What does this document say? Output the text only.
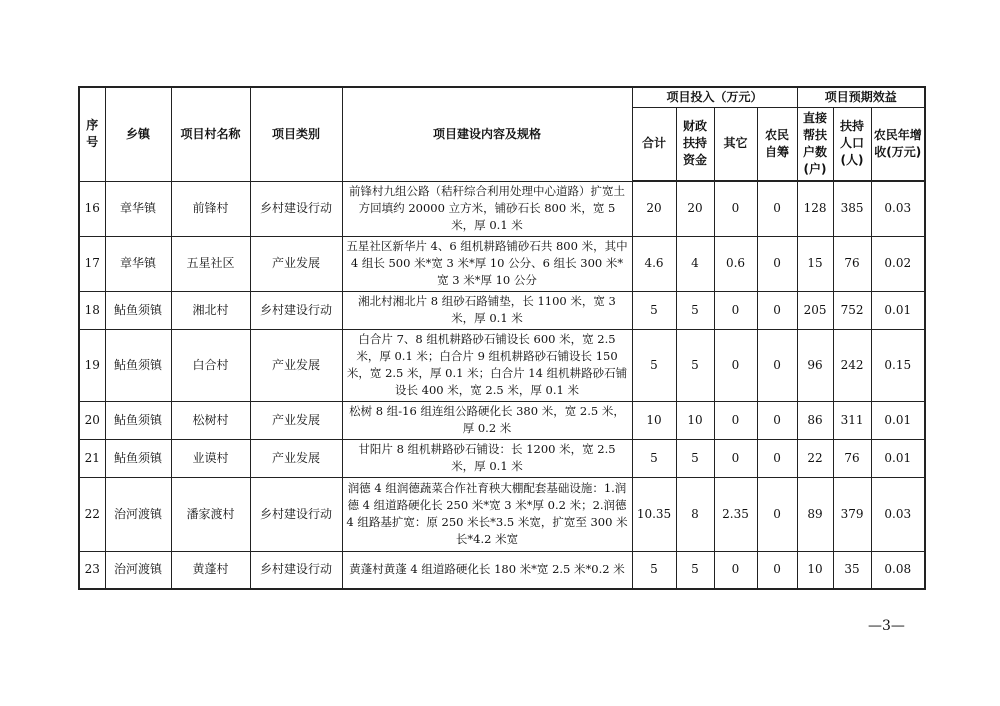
序号	乡镇	项目村名称	项目类别	项目建设内容及规格	项目投入（万元）				项目预期效益		
					合计	财政扶持资金	其它	农民自筹	直接帮扶户数(户)	扶持人口(人)	农民年增收(万元)
16	章华镇	前锋村	乡村建设行动	前锋村九组公路（秸秆综合利用处理中心道路）扩宽土方回填约 20000 立方米，铺砂石长 800 米，宽 5 米，厚 0.1 米	20	20	0	0	128	385	0.03
17	章华镇	五星社区	产业发展	五星社区新华片 4、6 组机耕路铺砂石共 800 米，其中 4 组长 500 米*宽 3 米*厚 10 公分、6 组长 300 米*宽 3 米*厚 10 公分	4.6	4	0.6	0	15	76	0.02
18	鲇鱼须镇	湘北村	乡村建设行动	湘北村湘北片 8 组砂石路铺垫，长 1100 米，宽 3 米，厚 0.1 米	5	5	0	0	205	752	0.01
19	鲇鱼须镇	白合村	产业发展	白合片 7、8 组机耕路砂石铺设长 600 米，宽 2.5 米，厚 0.1 米；白合片 9 组机耕路砂石铺设长 150 米，宽 2.5 米，厚 0.1 米；白合片 14 组机耕路砂石铺设长 400 米，宽 2.5 米，厚 0.1 米	5	5	0	0	96	242	0.15
20	鲇鱼须镇	松树村	产业发展	松树 8 组-16 组连组公路硬化长 380 米，宽 2.5 米，厚 0.2 米	10	10	0	0	86	311	0.01
21	鲇鱼须镇	业谟村	产业发展	甘阳片 8 组机耕路砂石铺设：长 1200 米，宽 2.5 米，厚 0.1 米	5	5	0	0	22	76	0.01
22	治河渡镇	潘家渡村	乡村建设行动	润德 4 组润德蔬菜合作社育秧大棚配套基础设施：1.润德 4 组道路硬化长 250 米*宽 3 米*厚 0.2 米；2.润德 4 组路基扩宽：原 250 米长*3.5 米宽，扩宽至 300 米长*4.2 米宽	10.35	8	2.35	0	89	379	0.03
23	治河渡镇	黄蓬村	乡村建设行动	黄蓬村黄蓬 4 组道路硬化长 180 米*宽 2.5 米*0.2 米	5	5	0	0	10	35	0.08
—3—
